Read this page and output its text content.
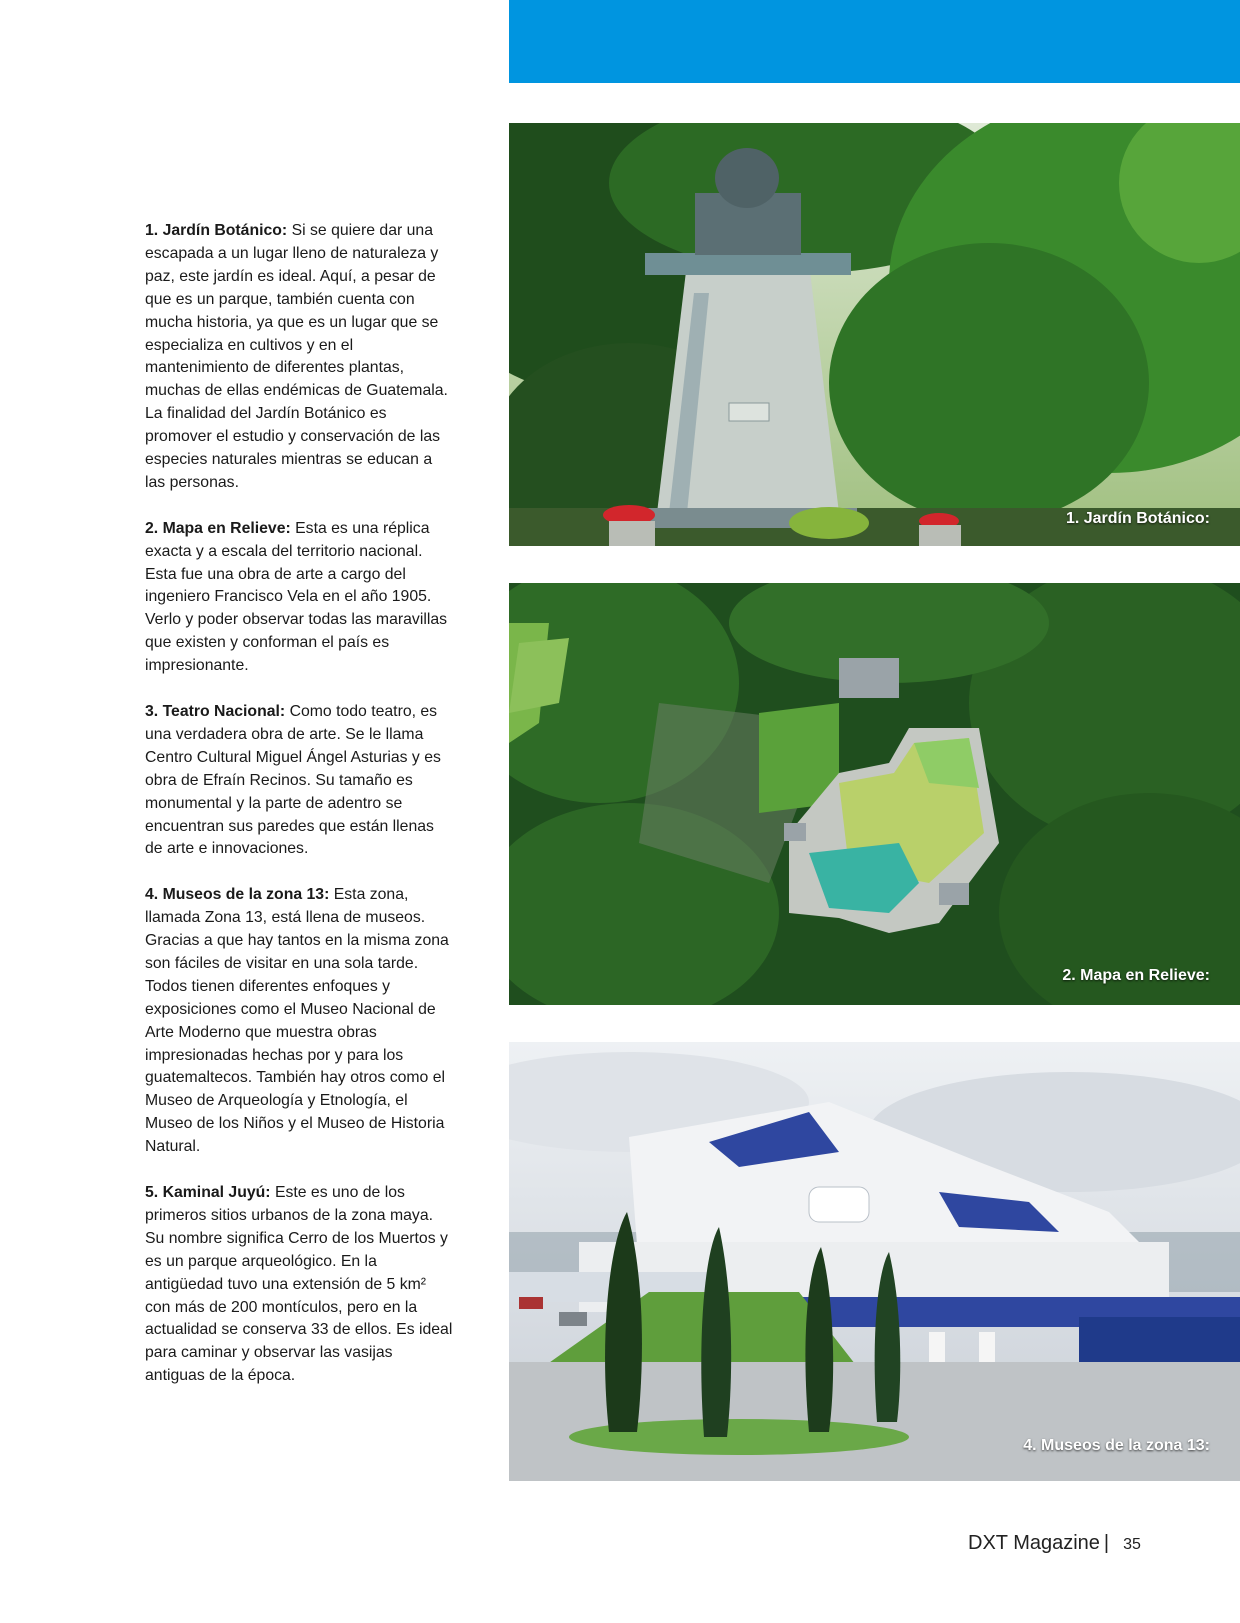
1. Jardín Botánico: Si se quiere dar una escapada a un lugar lleno de naturaleza y paz, este jardín es ideal. Aquí, a pesar de que es un parque, también cuenta con mucha historia, ya que es un lugar que se especializa en cultivos y en el mantenimiento de diferentes plantas, muchas de ellas endémicas de Guatemala. La finalidad del Jardín Botánico es promover el estudio y conservación de las especies naturales mientras se educan a las personas.

2. Mapa en Relieve: Esta es una réplica exacta y a escala del territorio nacional. Esta fue una obra de arte a cargo del ingeniero Francisco Vela en el año 1905. Verlo y poder observar todas las maravillas que existen y conforman el país es impresionante.

3. Teatro Nacional: Como todo teatro, es una verdadera obra de arte. Se le llama Centro Cultural Miguel Ángel Asturias y es obra de Efraín Recinos. Su tamaño es monumental y la parte de adentro se encuentran sus paredes que están llenas de arte e innovaciones.

4. Museos de la zona 13: Esta zona, llamada Zona 13, está llena de museos. Gracias a que hay tantos en la misma zona son fáciles de visitar en una sola tarde. Todos tienen diferentes enfoques y exposiciones como el Museo Nacional de Arte Moderno que muestra obras impresionadas hechas por y para los guatemaltecos. También hay otros como el Museo de Arqueología y Etnología, el Museo de los Niños y el Museo de Historia Natural.

5. Kaminal Juyú: Este es uno de los primeros sitios urbanos de la zona maya. Su nombre significa Cerro de los Muertos y es un parque arqueológico. En la antigüedad tuvo una extensión de 5 km² con más de 200 montículos, pero en la actualidad se conserva 33 de ellos. Es ideal para caminar y observar las vasijas antiguas de la época.

1. Jardín Botánico:
2. Mapa en Relieve:
4. Museos de la zona 13:
DXT Magazine | 35
